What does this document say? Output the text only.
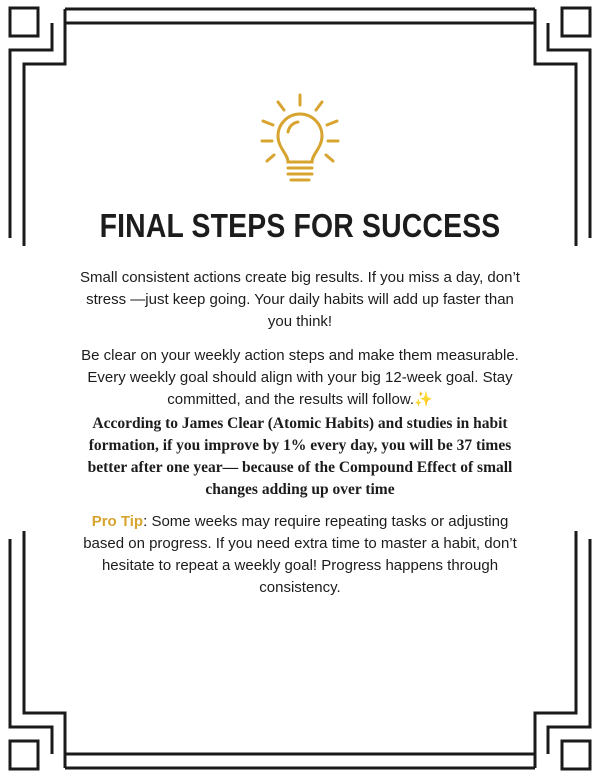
FINAL STEPS FOR SUCCESS

Small consistent actions create big results. If you miss a day, don’t stress —just keep going. Your daily habits will add up faster than you think!

Be clear on your weekly action steps and make them measurable. Every weekly goal should align with your big 12-week goal. Stay committed, and the results will follow.✨

According to James Clear (Atomic Habits) and studies in habit formation, if you improve by 1% every day, you will be 37 times better after one year— because of the Compound Effect of small changes adding up over time

Pro Tip: Some weeks may require repeating tasks or adjusting based on progress. If you need extra time to master a habit, don’t hesitate to repeat a weekly goal! Progress happens through consistency.
